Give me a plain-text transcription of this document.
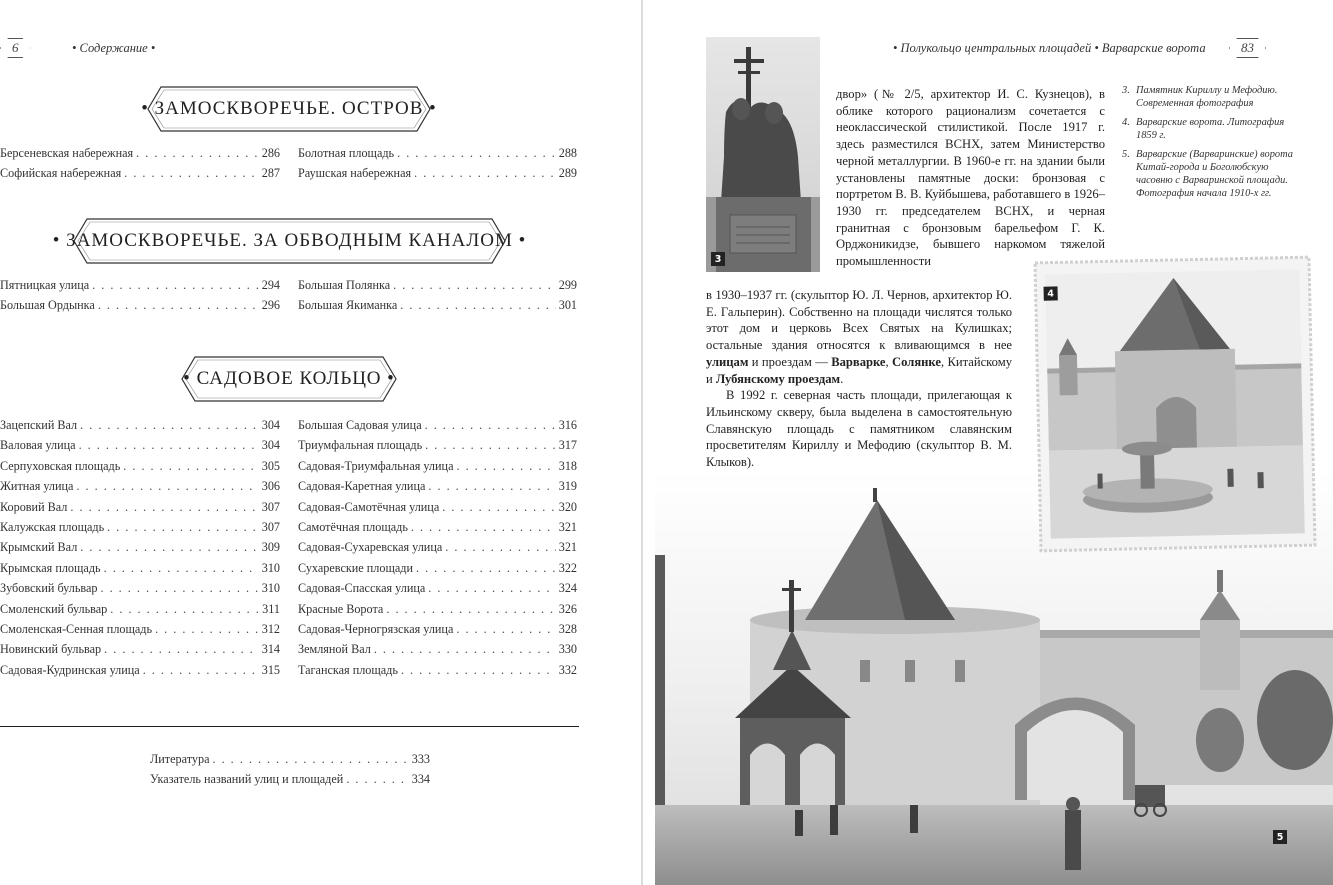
6	• Содержание •
• ЗАМОСКВОРЕЧЬЕ. ОСТРОВ •
Берсеневская набережная . . .	286
Софийская набережная . . .	287
Болотная площадь . . .	288
Раушская набережная . . .	289
• ЗАМОСКВОРЕЧЬЕ. ЗА ОБВОДНЫМ КАНАЛОМ •
Пятницкая улица . . .	294
Большая Ордынка . . .	296
Большая Полянка . . .	299
Большая Якиманка . . .	301
• САДОВОЕ КОЛЬЦО •
Зацепский Вал . . .	304
Валовая улица . . .	304
Серпуховская площадь . . .	305
Житная улица . . .	306
Коровий Вал . . .	307
Калужская площадь . . .	307
Крымский Вал . . .	309
Крымская площадь . . .	310
Зубовский бульвар . . .	310
Смоленский бульвар . . .	311
Смоленская-Сенная площадь . . .	312
Новинский бульвар . . .	314
Садовая-Кудринская улица . . .	315
Большая Садовая улица . . .	316
Триумфальная площадь . . .	317
Садовая-Триумфальная улица . . .	318
Садовая-Каретная улица . . .	319
Садовая-Самотёчная улица . . .	320
Самотёчная площадь . . .	321
Садовая-Сухаревская улица . . .	321
Сухаревские площади . . .	322
Садовая-Спасская улица . . .	324
Красные Ворота . . .	326
Садовая-Черногрязская улица . . .	328
Земляной Вал . . .	330
Таганская площадь . . .	332
Литература . . .	333
Указатель названий улиц и площадей . . .	334
• Полукольцо центральных площадей • Варварские ворота	83
3

двор» (№ 2/5, архитектор И. С. Кузнецов), в облике которого рационализм сочетается с неоклассической стилистикой. После 1917 г. здесь разместился ВСНХ, затем Министерство черной металлургии. В 1960-е гг. на здании были установлены памятные доски: бронзовая с портретом В. В. Куйбышева, работавшего в 1926–1930 гг. председателем ВСНХ, и черная гранитная с бронзовым барельефом Г. К. Орджоникидзе, бывшего наркомом тяжелой промышленности

в 1930–1937 гг. (скульптор Ю. Л. Чернов, архитектор Ю. Е. Гальперин). Собственно на площади числятся только этот дом и церковь Всех Святых на Кулишках; остальные здания относятся к вливающимся в нее улицам и проездам — Варварке, Солянке, Китайскому и Лубянскому проездам.

В 1992 г. северная часть площади, прилегающая к Ильинскому скверу, была выделена в самостоятельную Славянскую площадь с памятником славянским просветителям Кириллу и Мефодию (скульптор В. М. Клыков).

3. Памятник Кириллу и Мефодию. Современная фотография
4. Варварские ворота. Литография 1859 г.
5. Варварские (Варваринские) ворота Китай-города и Боголюбскую часовню с Варваринской площади. Фотография начала 1910-х гг.
5
4
